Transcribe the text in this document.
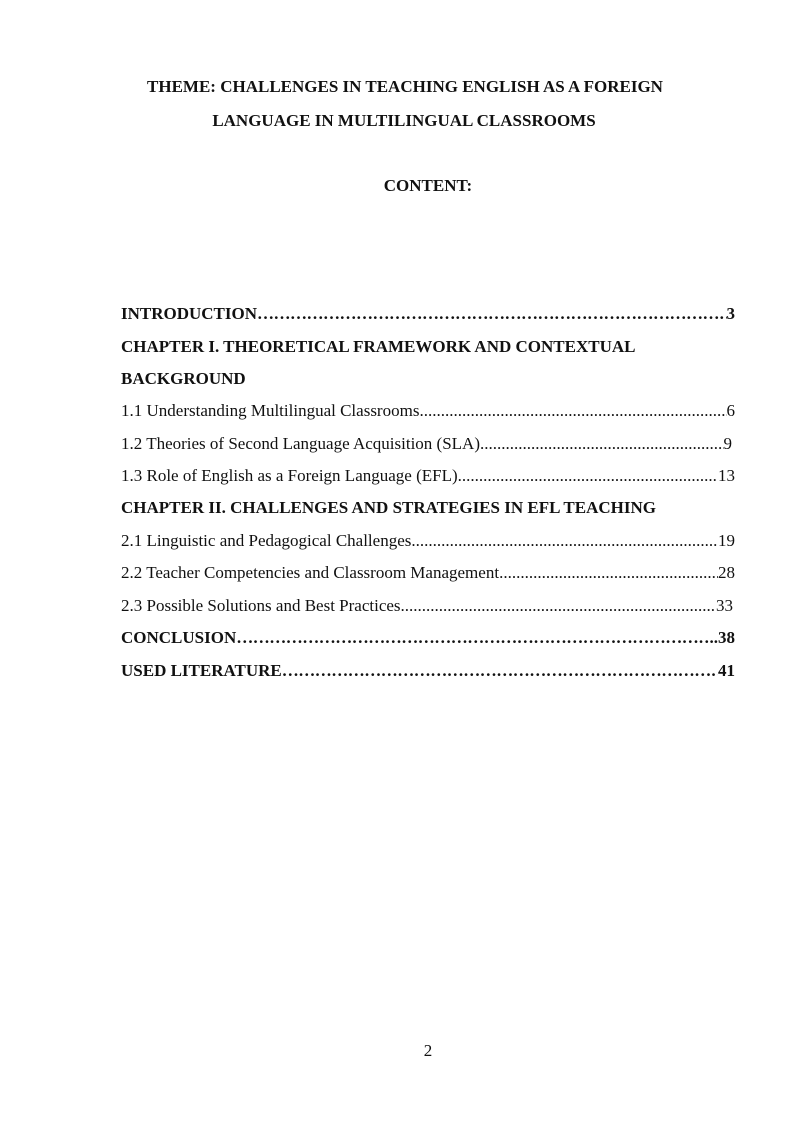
THEME: CHALLENGES IN TEACHING ENGLISH AS A FOREIGN
LANGUAGE IN MULTILINGUAL CLASSROOMS
CONTENT:
INTRODUCTION ………………………………………………………………………………………………………………………………………………………………	3
CHAPTER I. THEORETICAL FRAMEWORK AND CONTEXTUAL
BACKGROUND
1.1 Understanding Multilingual Classrooms .....	6
1.2 Theories of Second Language Acquisition (SLA) .....	9
1.3 Role of English as a Foreign Language (EFL) .....	13
CHAPTER II. CHALLENGES AND STRATEGIES IN EFL TEACHING
2.1 Linguistic and Pedagogical Challenges .....	19
2.2 Teacher Competencies and Classroom Management .....	28
2.3 Possible Solutions and Best Practices .....	33
CONCLUSION ………………………………………………………………………………………………………………………………………………………………	..38
USED LITERATURE ………………………………………………………………………………………………………………………………………………………………	41
2
